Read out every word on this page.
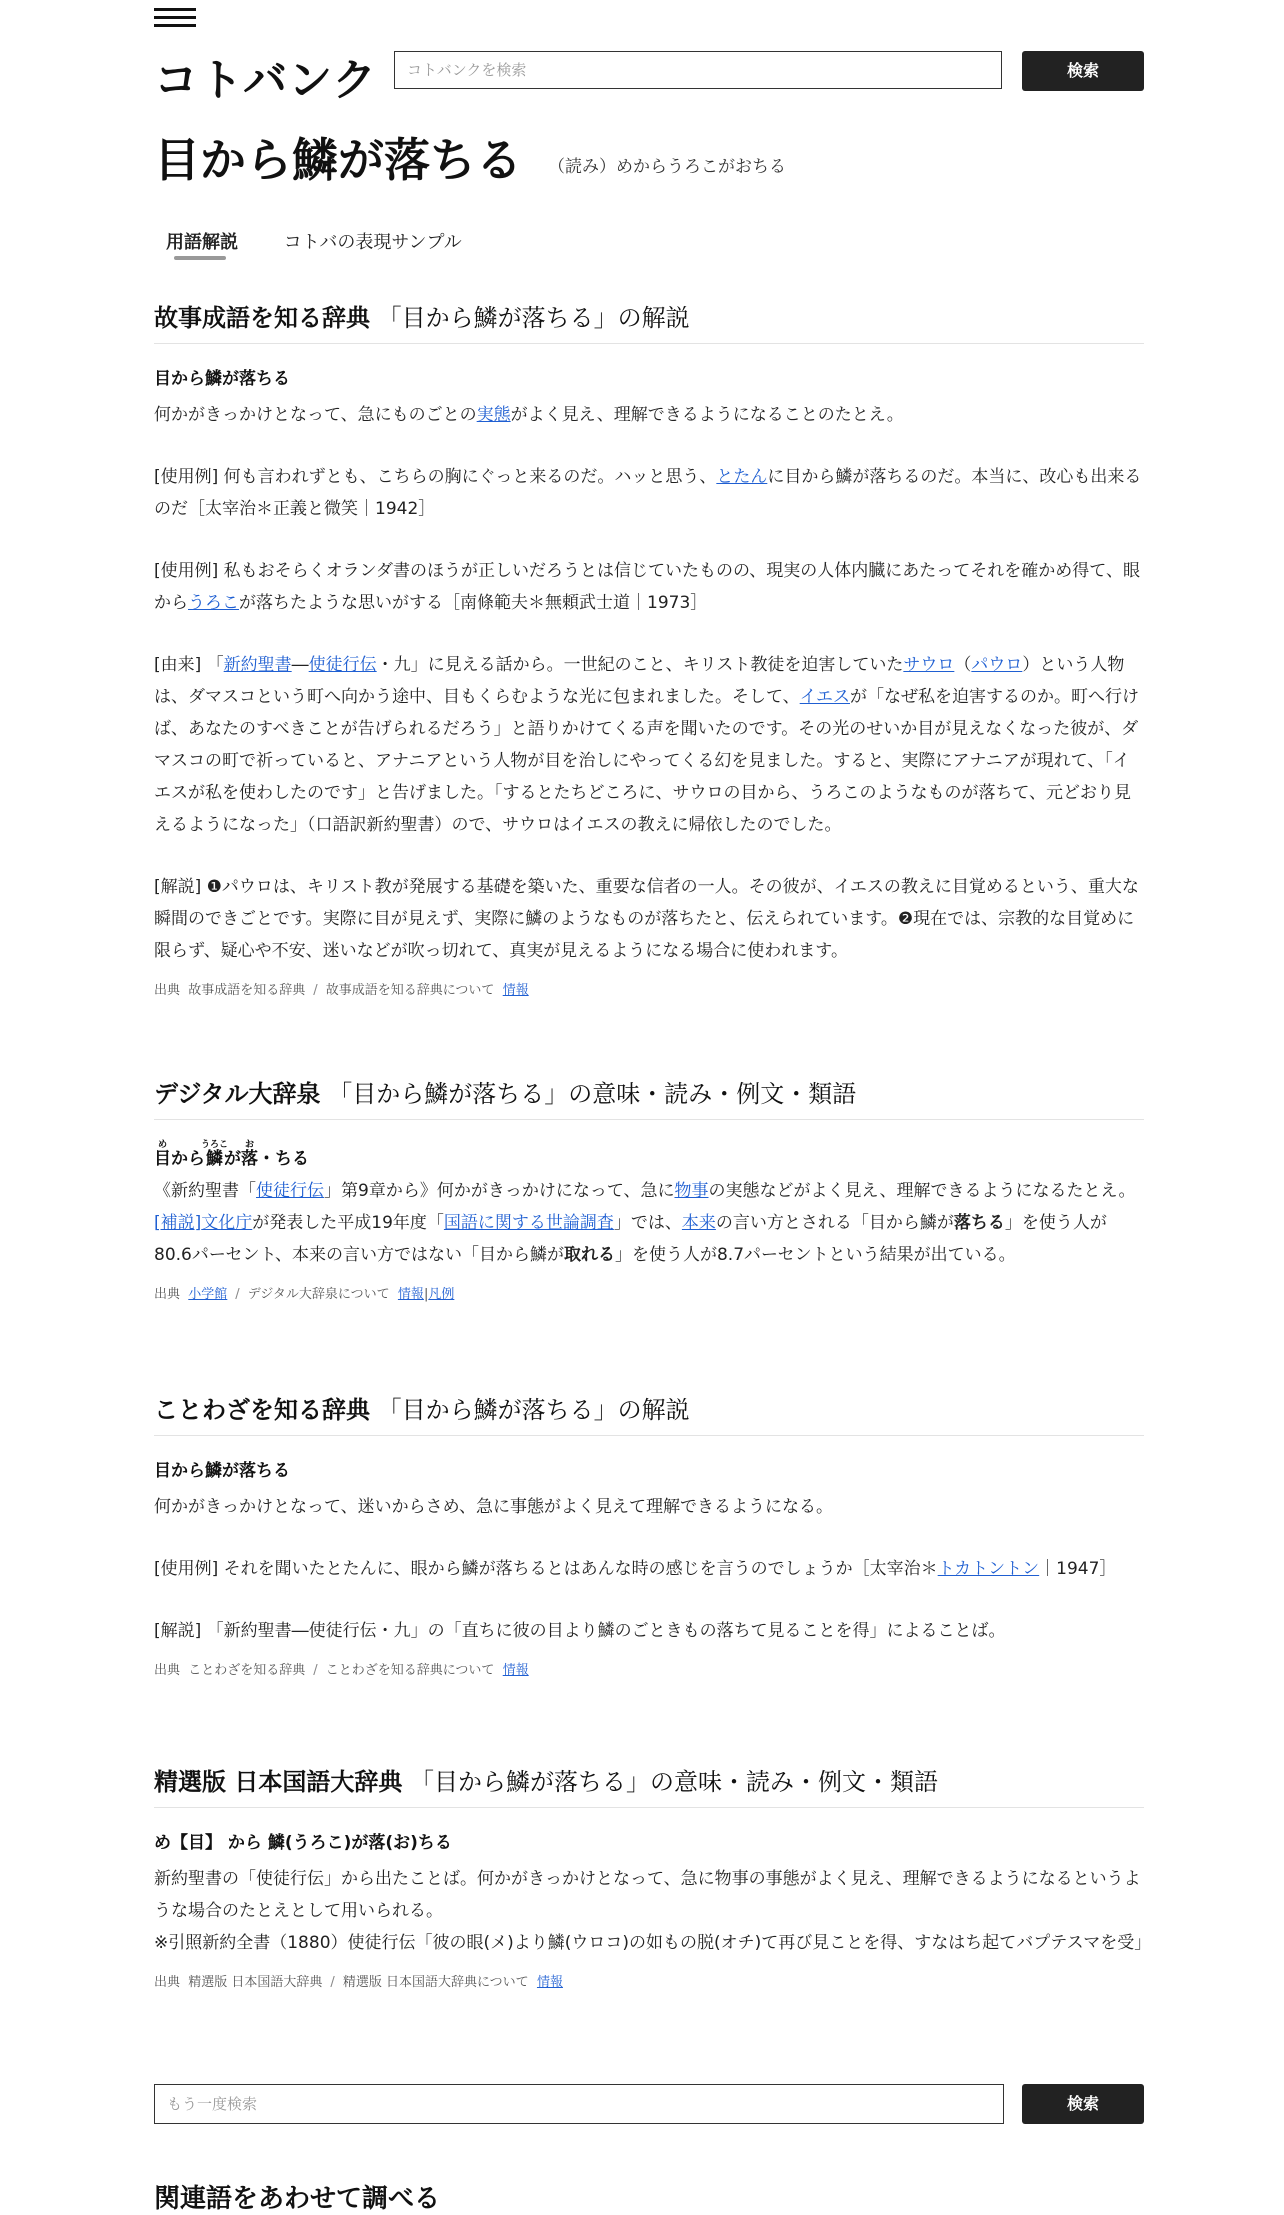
コトバンク	コトバンクを検索	検索
目から鱗が落ちる （読み）めからうろこがおちる
用語解説	コトバの表現サンプル
故事成語を知る辞典 「目から鱗が落ちる」の解説
目から鱗が落ちる

何かがきっかけとなって、急にものごとの実態がよく見え、理解できるようになることのたとえ。

[使用例] 何も言われずとも、こちらの胸にぐっと来るのだ。ハッと思う、とたんに目から鱗が落ちるのだ。本当に、改心も出来るのだ［太宰治＊正義と微笑｜1942］

[使用例] 私もおそらくオランダ書のほうが正しいだろうとは信じていたものの、現実の人体内臓にあたってそれを確かめ得て、眼からうろこが落ちたような思いがする［南條範夫＊無頼武士道｜1973］

[由来] 「新約聖書―使徒行伝・九」に見える話から。一世紀のこと、キリスト教徒を迫害していたサウロ（パウロ）という人物は、ダマスコという町へ向かう途中、目もくらむような光に包まれました。そして、イエスが「なぜ私を迫害するのか。町へ行けば、あなたのすべきことが告げられるだろう」と語りかけてくる声を聞いたのです。その光のせいか目が見えなくなった彼が、ダマスコの町で祈っていると、アナニアという人物が目を治しにやってくる幻を見ました。すると、実際にアナニアが現れて、「イエスが私を使わしたのです」と告げました。「するとたちどころに、サウロの目から、うろこのようなものが落ちて、元どおり見えるようになった」（口語訳新約聖書）ので、サウロはイエスの教えに帰依したのでした。

[解説] ❶パウロは、キリスト教が発展する基礎を築いた、重要な信者の一人。その彼が、イエスの教えに目覚めるという、重大な瞬間のできごとです。実際に目が見えず、実際に鱗のようなものが落ちたと、伝えられています。❷現在では、宗教的な目覚めに限らず、疑心や不安、迷いなどが吹っ切れて、真実が見えるようになる場合に使われます。

出典 故事成語を知る辞典 / 故事成語を知る辞典について 情報
デジタル大辞泉 「目から鱗が落ちる」の意味・読み・例文・類語
目めから鱗うろこが落お・ちる

《新約聖書「使徒行伝」第9章から》何かがきっかけになって、急に物事の実態などがよく見え、理解できるようになるたとえ。

[補説]文化庁が発表した平成19年度「国語に関する世論調査」では、本来の言い方とされる「目から鱗が落ちる」を使う人が80.6パーセント、本来の言い方ではない「目から鱗が取れる」を使う人が8.7パーセントという結果が出ている。

出典 小学館 / デジタル大辞泉について 情報|凡例
ことわざを知る辞典 「目から鱗が落ちる」の解説
目から鱗が落ちる

何かがきっかけとなって、迷いからさめ、急に事態がよく見えて理解できるようになる。

[使用例] それを聞いたとたんに、眼から鱗が落ちるとはあんな時の感じを言うのでしょうか［太宰治＊トカトントン｜1947］

[解説] 「新約聖書―使徒行伝・九」の「直ちに彼の目より鱗のごときもの落ちて見ることを得」によることば。

出典 ことわざを知る辞典 / ことわざを知る辞典について 情報
精選版 日本国語大辞典 「目から鱗が落ちる」の意味・読み・例文・類語
め【目】 から 鱗(うろこ)が落(お)ちる

新約聖書の「使徒行伝」から出たことば。何かがきっかけとなって、急に物事の事態がよく見え、理解できるようになるというような場合のたとえとして用いられる。

※引照新約全書（1880）使徒行伝「彼の眼(メ)より鱗(ウロコ)の如もの脱(オチ)て再び見ことを得、すなはち起てバプテスマを受」

出典 精選版 日本国語大辞典 / 精選版 日本国語大辞典について 情報
もう一度検索	検索
関連語をあわせて調べる
